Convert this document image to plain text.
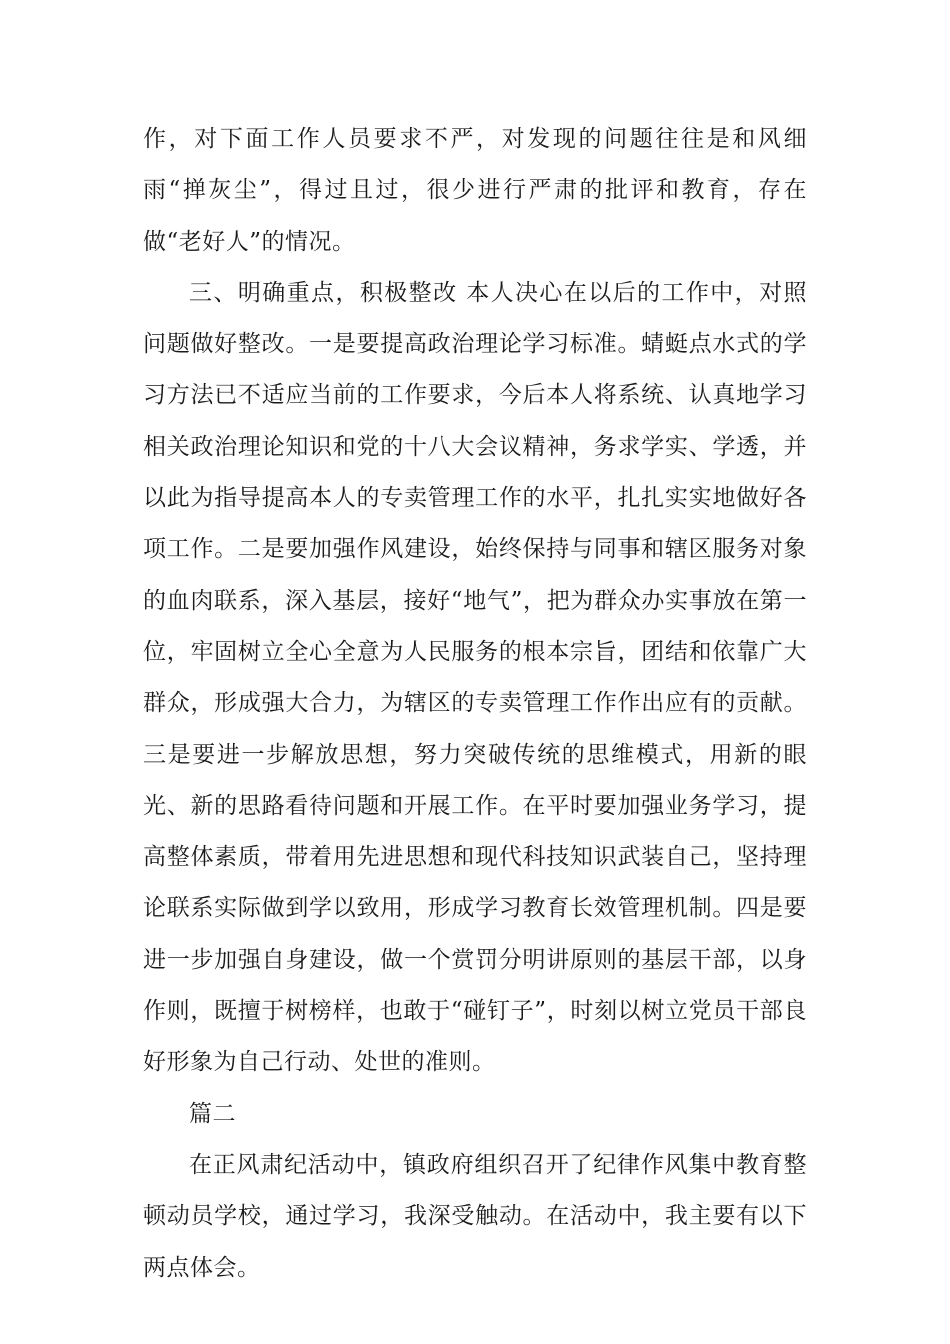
作，对下面工作人员要求不严，对发现的问题往往是和风细雨“掸灰尘”，得过且过，很少进行严肃的批评和教育，存在做“老好人”的情况。

三、明确重点，积极整改 本人决心在以后的工作中，对照问题做好整改。一是要提高政治理论学习标准。蜻蜓点水式的学习方法已不适应当前的工作要求，今后本人将系统、认真地学习相关政治理论知识和党的十八大会议精神，务求学实、学透，并以此为指导提高本人的专卖管理工作的水平，扎扎实实地做好各项工作。二是要加强作风建设，始终保持与同事和辖区服务对象的血肉联系，深入基层，接好“地气”，把为群众办实事放在第一位，牢固树立全心全意为人民服务的根本宗旨，团结和依靠广大群众，形成强大合力，为辖区的专卖管理工作作出应有的贡献。三是要进一步解放思想，努力突破传统的思维模式，用新的眼光、新的思路看待问题和开展工作。在平时要加强业务学习，提高整体素质，带着用先进思想和现代科技知识武装自己，坚持理论联系实际做到学以致用，形成学习教育长效管理机制。四是要进一步加强自身建设，做一个赏罚分明讲原则的基层干部，以身作则，既擅于树榜样，也敢于“碰钉子”，时刻以树立党员干部良好形象为自己行动、处世的准则。

篇二

在正风肃纪活动中，镇政府组织召开了纪律作风集中教育整顿动员学校，通过学习，我深受触动。在活动中，我主要有以下两点体会。
